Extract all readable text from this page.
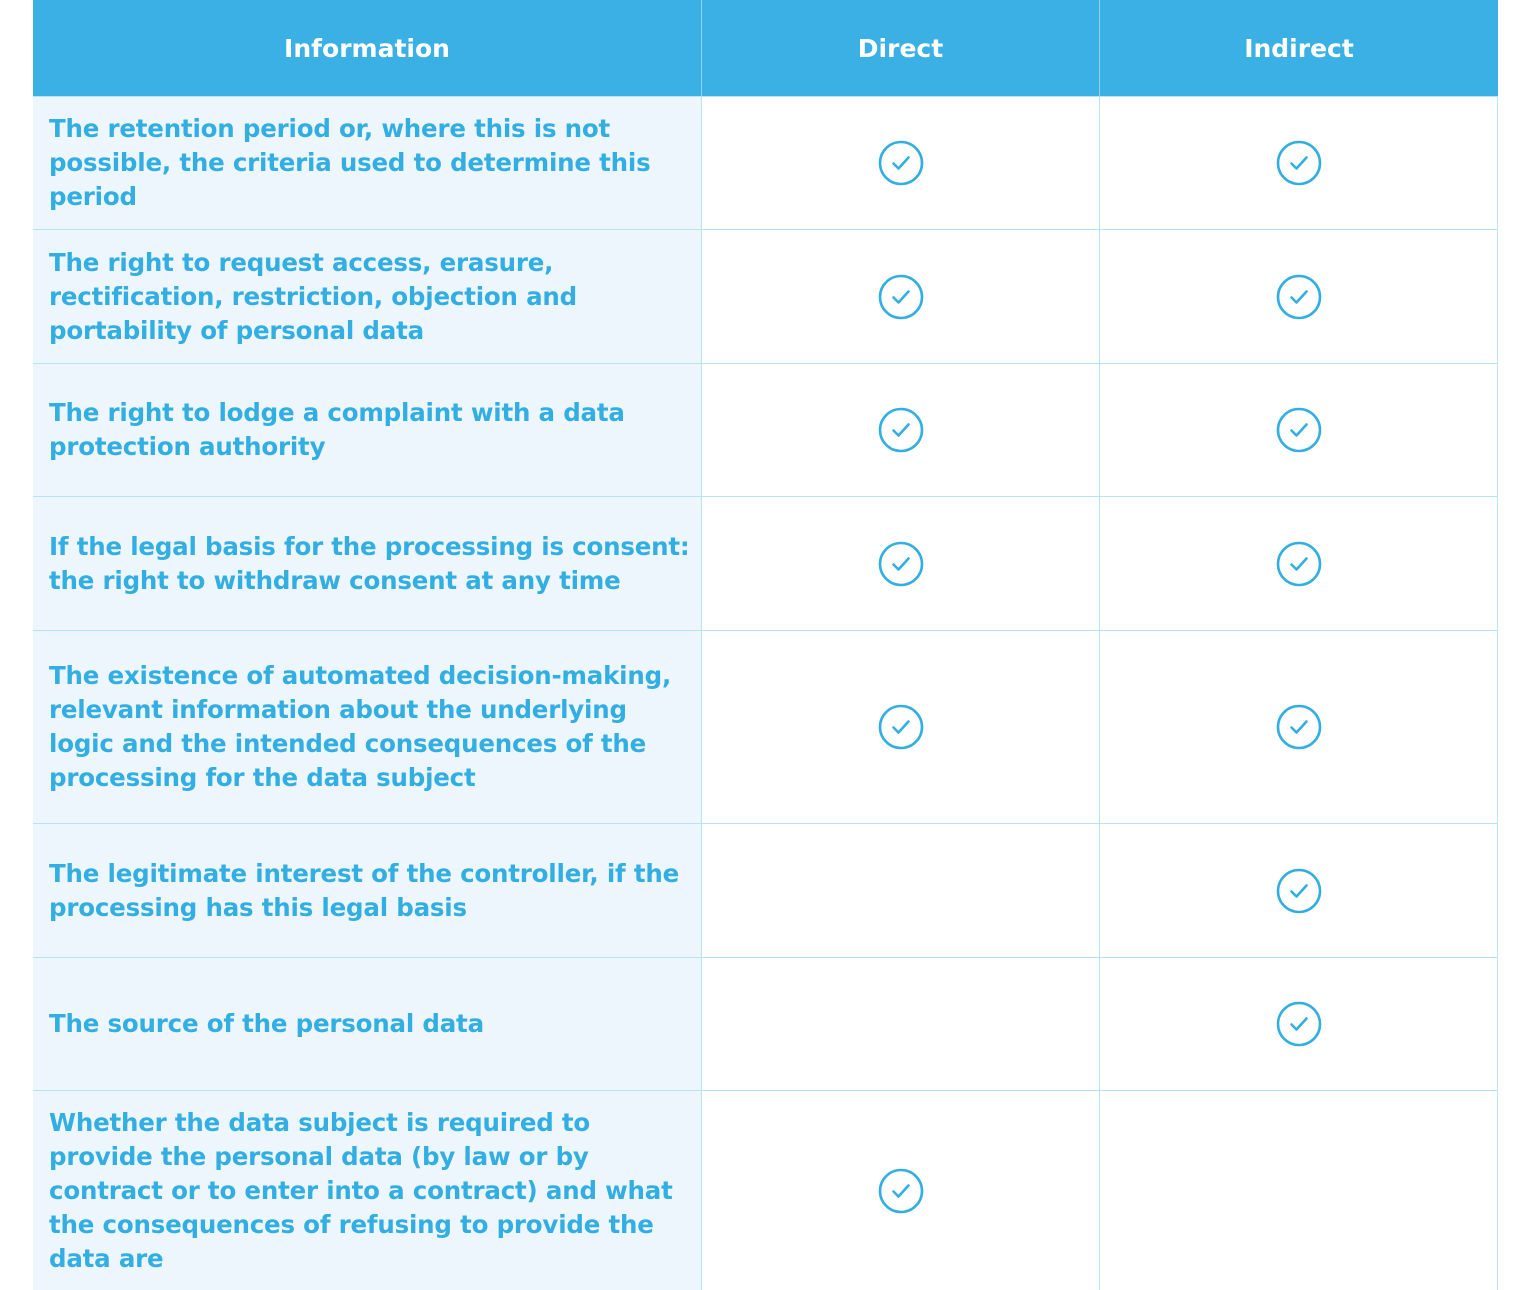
Information	Direct	Indirect
The retention period or, where this is not possible, the criteria used to determine this period
The right to request access, erasure, rectification, restriction, objection and portability of personal data
The right to lodge a complaint with a data protection authority
If the legal basis for the processing is consent: the right to withdraw consent at any time
The existence of automated decision-making, relevant information about the underlying logic and the intended consequences of the processing for the data subject
The legitimate interest of the controller, if the processing has this legal basis
The source of the personal data
Whether the data subject is required to provide the personal data (by law or by contract or to enter into a contract) and what the consequences of refusing to provide the data are
